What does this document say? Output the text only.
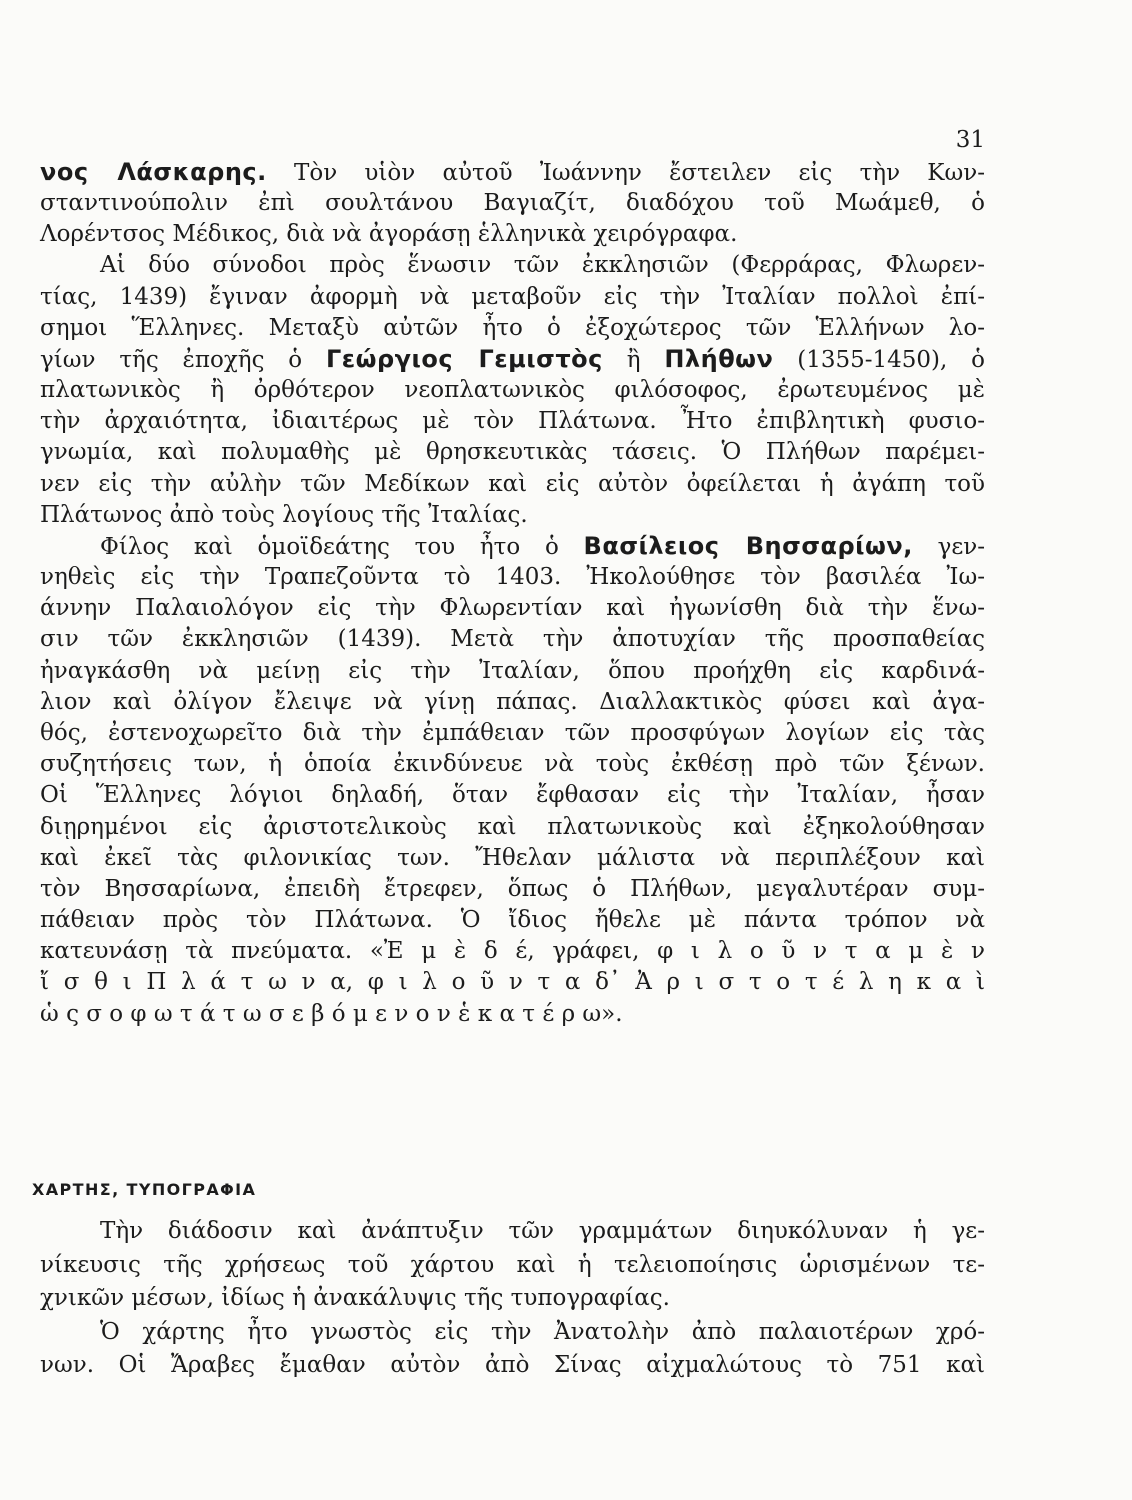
31
νος Λάσκαρης. Τὸν υἱὸν αὐτοῦ Ἰωάννην ἔστειλεν εἰς τὴν Κων-
σταντινούπολιν ἐπὶ σουλτάνου Βαγιαζίτ, διαδόχου τοῦ Μωάμεθ, ὁ
Λορέντσος Μέδικος, διὰ νὰ ἀγοράσῃ ἑλληνικὰ χειρόγραφα.
Αἱ δύο σύνοδοι πρὸς ἕνωσιν τῶν ἐκκλησιῶν (Φερράρας, Φλωρεν-
τίας, 1439) ἔγιναν ἀφορμὴ νὰ μεταβοῦν εἰς τὴν Ἰταλίαν πολλοὶ ἐπί-
σημοι Ἕλληνες. Μεταξὺ αὐτῶν ἦτο ὁ ἐξοχώτερος τῶν Ἑλλήνων λο-
γίων τῆς ἐποχῆς ὁ Γεώργιος Γεμιστὸς ἢ Πλήθων (1355-1450), ὁ
πλατωνικὸς ἢ ὀρθότερον νεοπλατωνικὸς φιλόσοφος, ἐρωτευμένος μὲ
τὴν ἀρχαιότητα, ἰδιαιτέρως μὲ τὸν Πλάτωνα. Ἦτο ἐπιβλητικὴ φυσιο-
γνωμία, καὶ πολυμαθὴς μὲ θρησκευτικὰς τάσεις. Ὁ Πλήθων παρέμει-
νεν εἰς τὴν αὐλὴν τῶν Μεδίκων καὶ εἰς αὐτὸν ὀφείλεται ἡ ἀγάπη τοῦ
Πλάτωνος ἀπὸ τοὺς λογίους τῆς Ἰταλίας.
Φίλος καὶ ὁμοϊδεάτης του ἦτο ὁ Βασίλειος Βησσαρίων, γεν-
νηθεὶς εἰς τὴν Τραπεζοῦντα τὸ 1403. Ἠκολούθησε τὸν βασιλέα Ἰω-
άννην Παλαιολόγον εἰς τὴν Φλωρεντίαν καὶ ἠγωνίσθη διὰ τὴν ἕνω-
σιν τῶν ἐκκλησιῶν (1439). Μετὰ τὴν ἀποτυχίαν τῆς προσπαθείας
ἠναγκάσθη νὰ μείνῃ εἰς τὴν Ἰταλίαν, ὅπου προήχθη εἰς καρδινά-
λιον καὶ ὀλίγον ἔλειψε νὰ γίνῃ πάπας. Διαλλακτικὸς φύσει καὶ ἀγα-
θός, ἐστενοχωρεῖτο διὰ τὴν ἐμπάθειαν τῶν προσφύγων λογίων εἰς τὰς
συζητήσεις των, ἡ ὁποία ἐκινδύνευε νὰ τοὺς ἐκθέσῃ πρὸ τῶν ξένων.
Οἱ Ἕλληνες λόγιοι δηλαδή, ὅταν ἔφθασαν εἰς τὴν Ἰταλίαν, ἦσαν
διῃρημένοι εἰς ἀριστοτελικοὺς καὶ πλατωνικοὺς καὶ ἐξηκολούθησαν
καὶ ἐκεῖ τὰς φιλονικίας των. Ἤθελαν μάλιστα νὰ περιπλέξουν καὶ
τὸν Βησσαρίωνα, ἐπειδὴ ἔτρεφεν, ὅπως ὁ Πλήθων, μεγαλυτέραν συμ-
πάθειαν πρὸς τὸν Πλάτωνα. Ὁ ἴδιος ἤθελε μὲ πάντα τρόπον νὰ
κατευνάσῃ τὰ πνεύματα. «Ἐ μ ὲ δ έ, γράφει, φ ι λ ο ῦ ν τ α μ ὲ ν
ἴ σ θ ι Π λ ά τ ω ν α, φ ι λ ο ῦ ν τ α δ᾽ Ἀ ρ ι σ τ ο τ έ λ η κ α ὶ
ὡ ς σ ο φ ω τ ά τ ω σ ε β ό μ ε ν ο ν ἑ κ α τ έ ρ ω».
ΧΑΡΤΗΣ, ΤΥΠΟΓΡΑΦΙΑ
Τὴν διάδοσιν καὶ ἀνάπτυξιν τῶν γραμμάτων διηυκόλυναν ἡ γε-
νίκευσις τῆς χρήσεως τοῦ χάρτου καὶ ἡ τελειοποίησις ὡρισμένων τε-
χνικῶν μέσων, ἰδίως ἡ ἀνακάλυψις τῆς τυπογραφίας.
Ὁ χάρτης ἦτο γνωστὸς εἰς τὴν Ἀνατολὴν ἀπὸ παλαιοτέρων χρό-
νων. Οἱ Ἄραβες ἔμαθαν αὐτὸν ἀπὸ Σίνας αἰχμαλώτους τὸ 751 καὶ
